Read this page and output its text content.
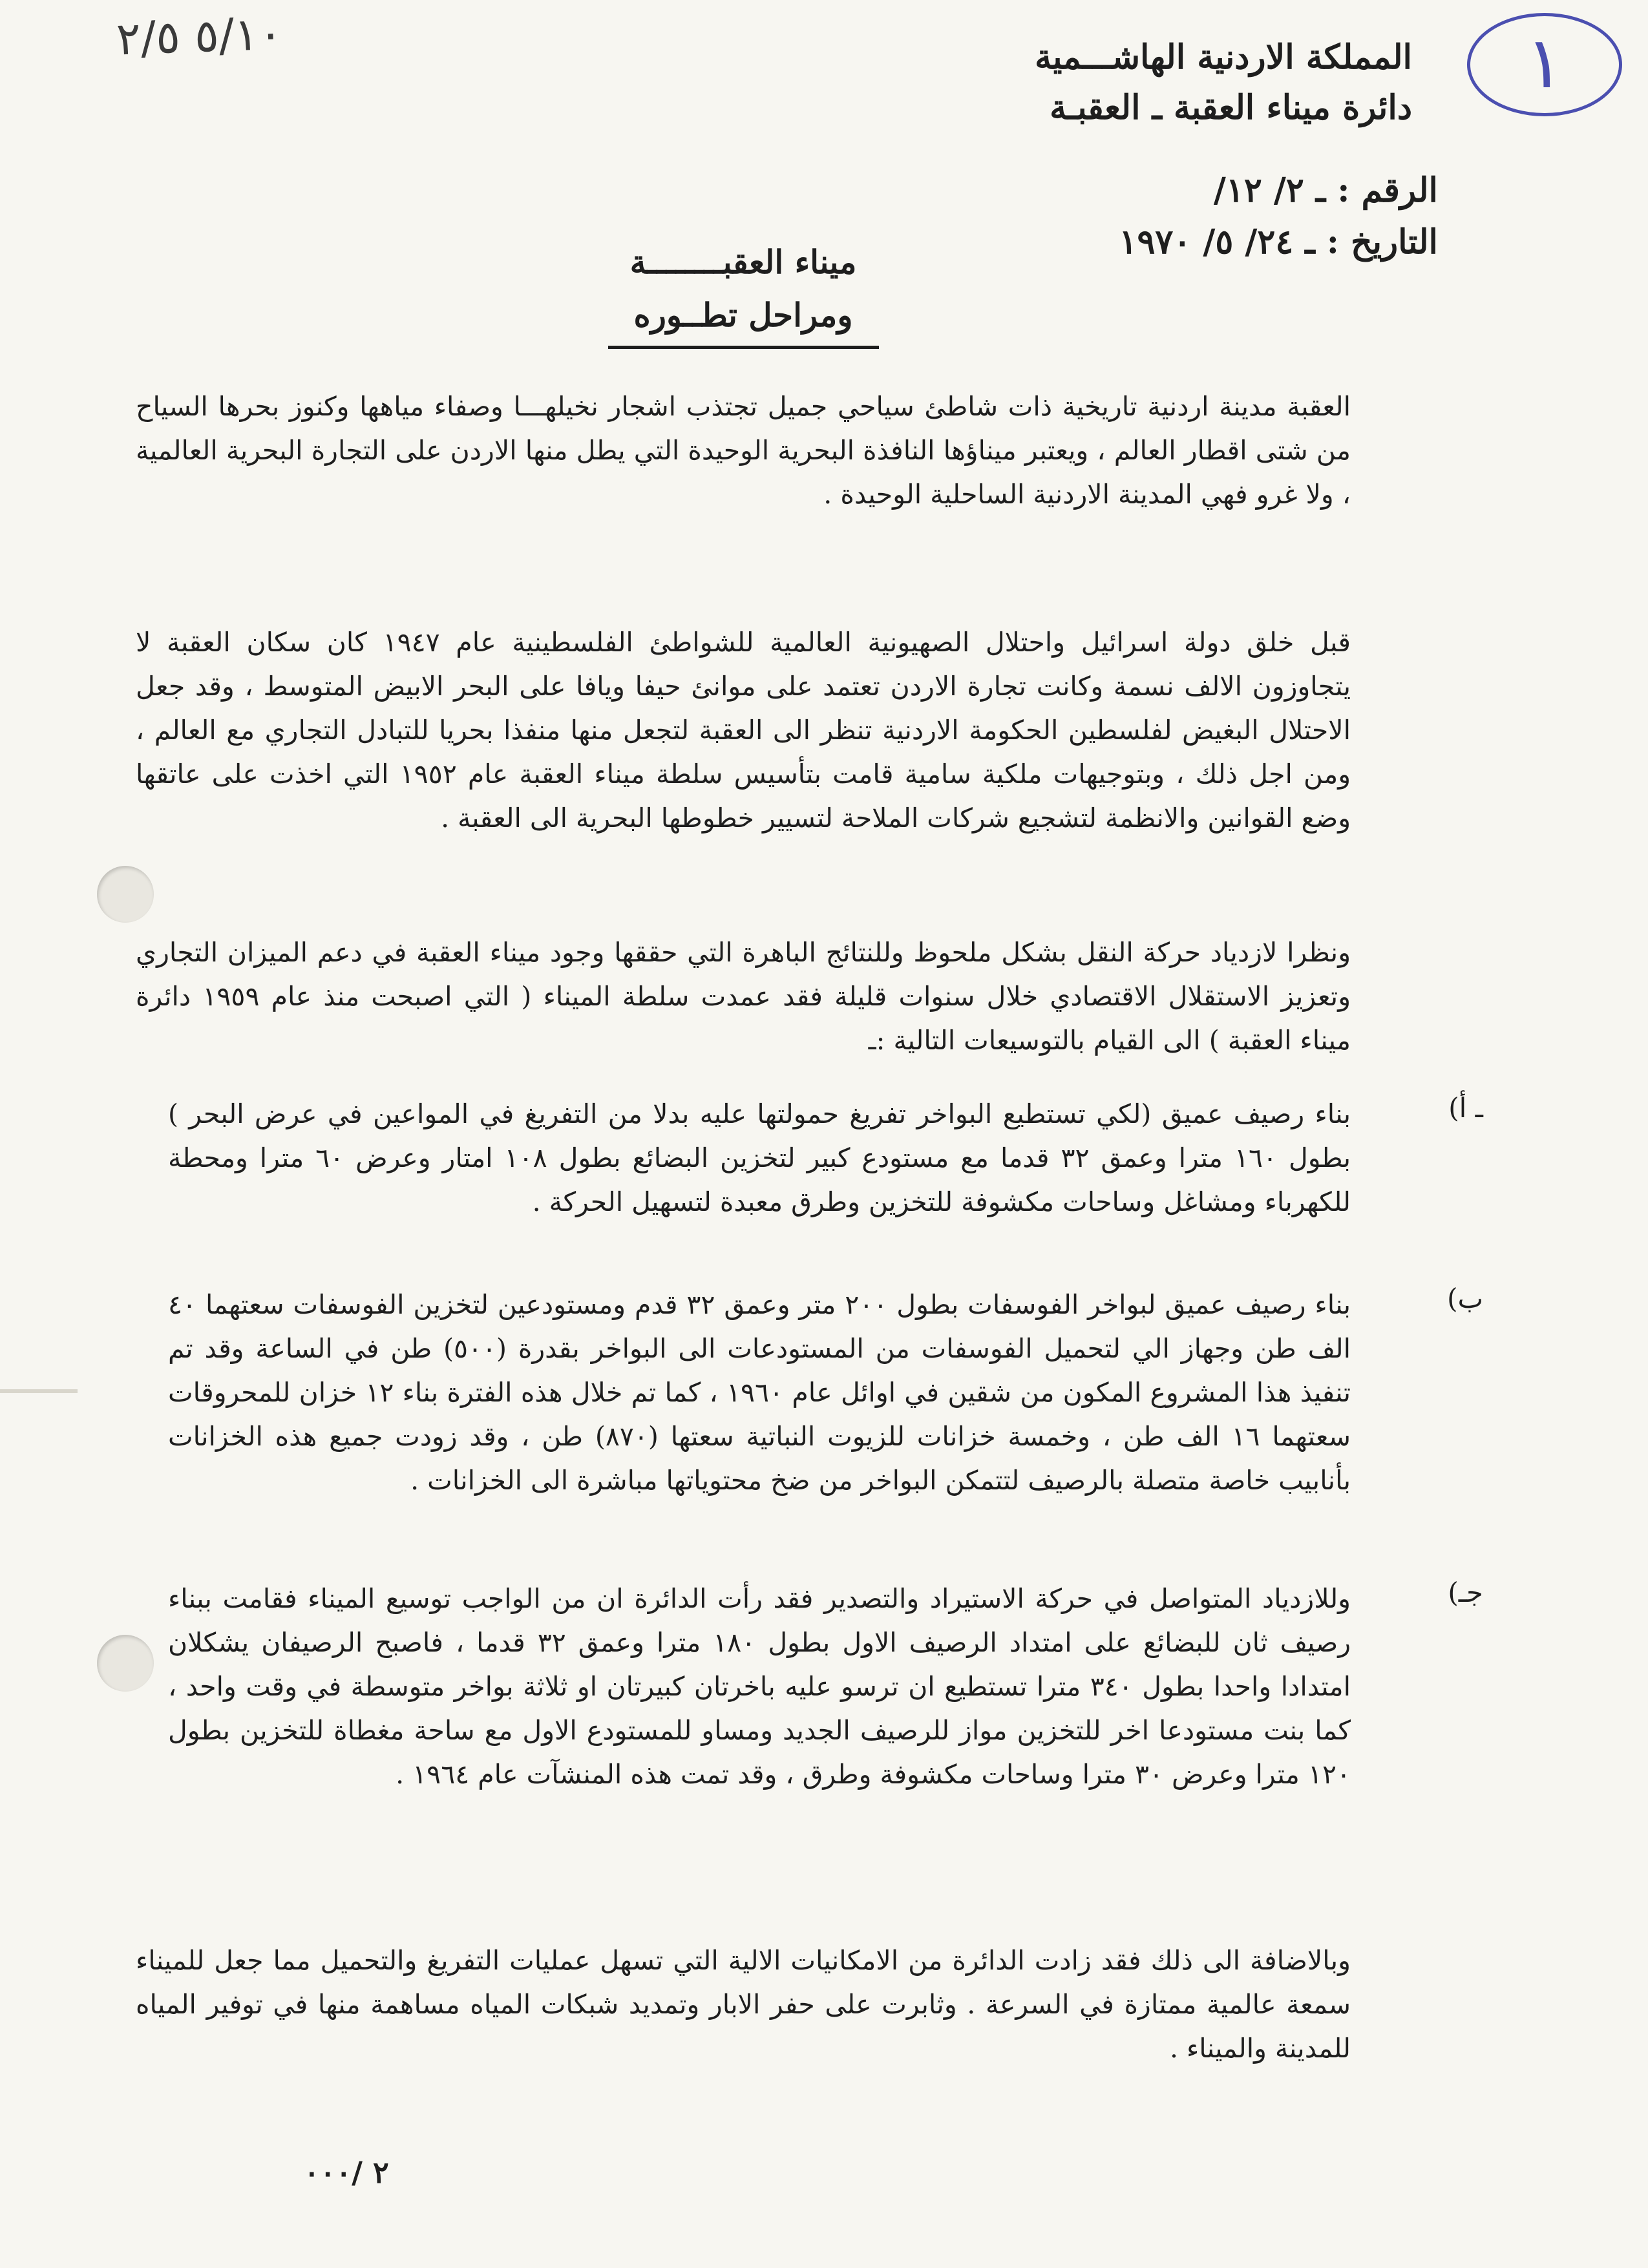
٥/١٠ ٢/٥	١
المملكة الاردنية الهاشـــمية
دائرة ميناء العقبة ـ العقبـة
الرقم : ـ ٢/ ١٢/
التاريخ : ـ ٢٤/ ٥/ ١٩٧٠
ميناء العقبــــــــة
ومراحل تطــوره

العقبة مدينة اردنية تاريخية ذات شاطئ سياحي جميل تجتذب اشجار نخيلهـــا وصفاء مياهها وكنوز بحرها السياح من شتى اقطار العالم ، ويعتبر ميناؤها النافذة البحرية الوحيدة التي يطل منها الاردن على التجارة البحرية العالمية ، ولا غرو فهي المدينة الاردنية الساحلية الوحيدة .

قبل خلق دولة اسرائيل واحتلال الصهيونية العالمية للشواطئ الفلسطينية عام ١٩٤٧ كان سكان العقبة لا يتجاوزون الالف نسمة وكانت تجارة الاردن تعتمد على موانئ حيفا ويافا على البحر الابيض المتوسط ، وقد جعل الاحتلال البغيض لفلسطين الحكومة الاردنية تنظر الى العقبة لتجعل منها منفذا بحريا للتبادل التجاري مع العالم ، ومن اجل ذلك ، وبتوجيهات ملكية سامية قامت بتأسيس سلطة ميناء العقبة عام ١٩٥٢ التي اخذت على عاتقها وضع القوانين والانظمة لتشجيع شركات الملاحة لتسيير خطوطها البحرية الى العقبة .

ونظرا لازدياد حركة النقل بشكل ملحوظ وللنتائج الباهرة التي حققها وجود ميناء العقبة في دعم الميزان التجاري وتعزيز الاستقلال الاقتصادي خلال سنوات قليلة فقد عمدت سلطة الميناء ( التي اصبحت منذ عام ١٩٥٩ دائرة ميناء العقبة ) الى القيام بالتوسيعات التالية :ـ

ـ أ)
بناء رصيف عميق (لكي تستطيع البواخر تفريغ حمولتها عليه بدلا من التفريغ في المواعين في عرض البحر ) بطول ١٦٠ مترا وعمق ٣٢ قدما مع مستودع كبير لتخزين البضائع بطول ١٠٨ امتار وعرض ٦٠ مترا ومحطة للكهرباء ومشاغل وساحات مكشوفة للتخزين وطرق معبدة لتسهيل الحركة .
ب)
بناء رصيف عميق لبواخر الفوسفات بطول ٢٠٠ متر وعمق ٣٢ قدم ومستودعين لتخزين الفوسفات سعتهما ٤٠ الف طن وجهاز الي لتحميل الفوسفات من المستودعات الى البواخر بقدرة (٥٠٠) طن في الساعة وقد تم تنفيذ هذا المشروع المكون من شقين في اوائل عام ١٩٦٠ ، كما تم خلال هذه الفترة بناء ١٢ خزان للمحروقات سعتهما ١٦ الف طن ، وخمسة خزانات للزيوت النباتية سعتها (٨٧٠) طن ، وقد زودت جميع هذه الخزانات بأنابيب خاصة متصلة بالرصيف لتتمكن البواخر من ضخ محتوياتها مباشرة الى الخزانات .
جـ)
وللازدياد المتواصل في حركة الاستيراد والتصدير فقد رأت الدائرة ان من الواجب توسيع الميناء فقامت ببناء رصيف ثان للبضائع على امتداد الرصيف الاول بطول ١٨٠ مترا وعمق ٣٢ قدما ، فاصبح الرصيفان يشكلان امتدادا واحدا بطول ٣٤٠ مترا تستطيع ان ترسو عليه باخرتان كبيرتان او ثلاثة بواخر متوسطة في وقت واحد ، كما بنت مستودعا اخر للتخزين مواز للرصيف الجديد ومساو للمستودع الاول مع ساحة مغطاة للتخزين بطول ١٢٠ مترا وعرض ٣٠ مترا وساحات مكشوفة وطرق ، وقد تمت هذه المنشآت عام ١٩٦٤ .

وبالاضافة الى ذلك فقد زادت الدائرة من الامكانيات الالية التي تسهل عمليات التفريغ والتحميل مما جعل للميناء سمعة عالمية ممتازة في السرعة . وثابرت على حفر الابار وتمديد شبكات المياه مساهمة منها في توفير المياه للمدينة والميناء .

٢ /٠٠٠
